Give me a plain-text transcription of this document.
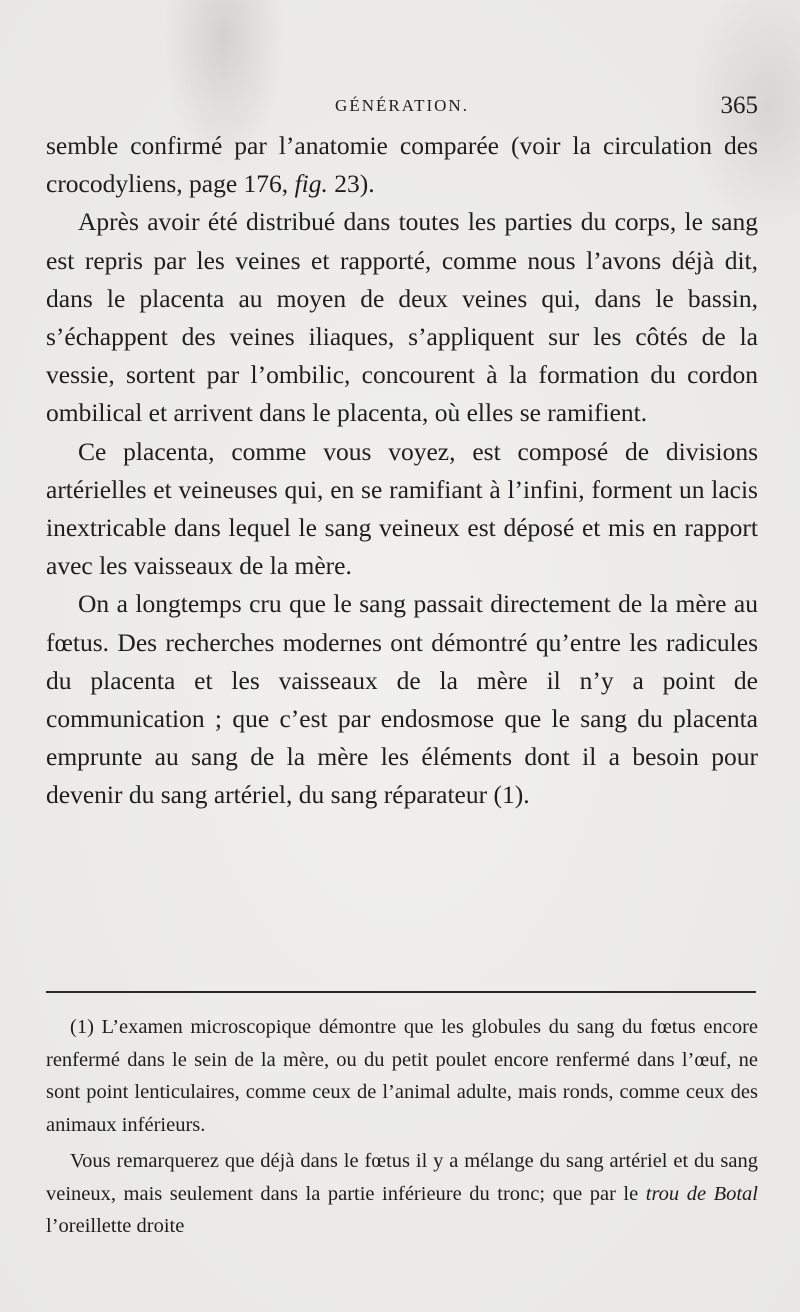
GÉNÉRATION.	365

semble confirmé par l’anatomie comparée (voir la circulation des crocodyliens, page 176, fig. 23).

Après avoir été distribué dans toutes les parties du corps, le sang est repris par les veines et rapporté, comme nous l’avons déjà dit, dans le placenta au moyen de deux veines qui, dans le bassin, s’échappent des veines iliaques, s’appliquent sur les côtés de la vessie, sortent par l’ombilic, concourent à la formation du cordon ombilical et arrivent dans le placenta, où elles se ramifient.

Ce placenta, comme vous voyez, est composé de divisions artérielles et veineuses qui, en se ramifiant à l’infini, forment un lacis inextricable dans lequel le sang veineux est déposé et mis en rapport avec les vaisseaux de la mère.

On a longtemps cru que le sang passait directement de la mère au fœtus. Des recherches modernes ont démontré qu’entre les radicules du placenta et les vaisseaux de la mère il n’y a point de communication ; que c’est par endosmose que le sang du placenta emprunte au sang de la mère les éléments dont il a besoin pour devenir du sang artériel, du sang réparateur (1).

(1) L’examen microscopique démontre que les globules du sang du fœtus encore renfermé dans le sein de la mère, ou du petit poulet encore renfermé dans l’œuf, ne sont point lenticulaires, comme ceux de l’animal adulte, mais ronds, comme ceux des animaux inférieurs.

Vous remarquerez que déjà dans le fœtus il y a mélange du sang artériel et du sang veineux, mais seulement dans la partie inférieure du tronc; que par le trou de Botal l’oreillette droite
